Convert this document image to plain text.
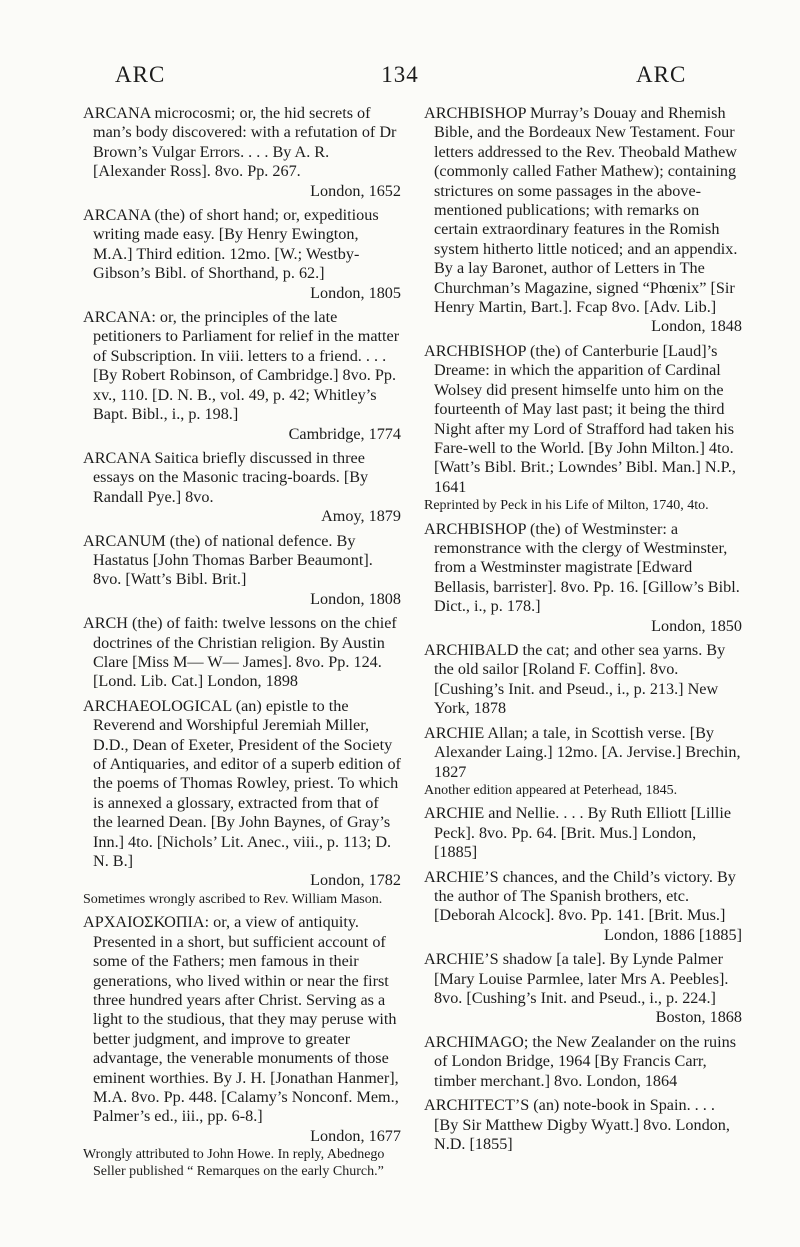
ARC	134	ARC
ARCANA microcosmi; or, the hid secrets of man’s body discovered: with a refutation of Dr Brown’s Vulgar Errors. . . . By A. R. [Alexander Ross]. 8vo. Pp. 267.
London, 1652
ARCANA (the) of short hand; or, expeditious writing made easy. [By Henry Ewington, M.A.] Third edition. 12mo. [W.; Westby-Gibson’s Bibl. of Shorthand, p. 62.]
London, 1805
ARCANA: or, the principles of the late petitioners to Parliament for relief in the matter of Subscription. In viii. letters to a friend. . . . [By Robert Robinson, of Cambridge.] 8vo. Pp. xv., 110. [D. N. B., vol. 49, p. 42; Whitley’s Bapt. Bibl., i., p. 198.]
Cambridge, 1774
ARCANA Saitica briefly discussed in three essays on the Masonic tracing-boards. [By Randall Pye.] 8vo.
Amoy, 1879
ARCANUM (the) of national defence. By Hastatus [John Thomas Barber Beaumont]. 8vo. [Watt’s Bibl. Brit.]
London, 1808
ARCH (the) of faith: twelve lessons on the chief doctrines of the Christian religion. By Austin Clare [Miss M— W— James]. 8vo. Pp. 124. [Lond. Lib. Cat.] London, 1898
ARCHAEOLOGICAL (an) epistle to the Reverend and Worshipful Jeremiah Miller, D.D., Dean of Exeter, President of the Society of Antiquaries, and editor of a superb edition of the poems of Thomas Rowley, priest. To which is annexed a glossary, extracted from that of the learned Dean. [By John Baynes, of Gray’s Inn.] 4to. [Nichols’ Lit. Anec., viii., p. 113; D. N. B.]
London, 1782
Sometimes wrongly ascribed to Rev. William Mason.
ΑΡΧΑΙΟΣΚΟΠΙΑ: or, a view of antiquity. Presented in a short, but sufficient account of some of the Fathers; men famous in their generations, who lived within or near the first three hundred years after Christ. Serving as a light to the studious, that they may peruse with better judgment, and improve to greater advantage, the venerable monuments of those eminent worthies. By J. H. [Jonathan Hanmer], M.A. 8vo. Pp. 448. [Calamy’s Nonconf. Mem., Palmer’s ed., iii., pp. 6-8.]
London, 1677
Wrongly attributed to John Howe. In reply, Abednego Seller published “ Remarques on the early Church.”
ARCHBISHOP Murray’s Douay and Rhemish Bible, and the Bordeaux New Testament. Four letters addressed to the Rev. Theobald Mathew (commonly called Father Mathew); containing strictures on some passages in the above-mentioned publications; with remarks on certain extraordinary features in the Romish system hitherto little noticed; and an appendix. By a lay Baronet, author of Letters in The Churchman’s Magazine, signed “Phœnix” [Sir Henry Martin, Bart.]. Fcap 8vo. [Adv. Lib.]
London, 1848
ARCHBISHOP (the) of Canterburie [Laud]’s Dreame: in which the apparition of Cardinal Wolsey did present himselfe unto him on the fourteenth of May last past; it being the third Night after my Lord of Strafford had taken his Fare-well to the World. [By John Milton.] 4to. [Watt’s Bibl. Brit.; Lowndes’ Bibl. Man.] N.P., 1641
Reprinted by Peck in his Life of Milton, 1740, 4to.
ARCHBISHOP (the) of Westminster: a remonstrance with the clergy of Westminster, from a Westminster magistrate [Edward Bellasis, barrister]. 8vo. Pp. 16. [Gillow’s Bibl. Dict., i., p. 178.]
London, 1850
ARCHIBALD the cat; and other sea yarns. By the old sailor [Roland F. Coffin]. 8vo. [Cushing’s Init. and Pseud., i., p. 213.] New York, 1878
ARCHIE Allan; a tale, in Scottish verse. [By Alexander Laing.] 12mo. [A. Jervise.] Brechin, 1827
Another edition appeared at Peterhead, 1845.
ARCHIE and Nellie. . . . By Ruth Elliott [Lillie Peck]. 8vo. Pp. 64. [Brit. Mus.] London, [1885]
ARCHIE’S chances, and the Child’s victory. By the author of The Spanish brothers, etc. [Deborah Alcock]. 8vo. Pp. 141. [Brit. Mus.]
London, 1886 [1885]
ARCHIE’S shadow [a tale]. By Lynde Palmer [Mary Louise Parmlee, later Mrs A. Peebles]. 8vo. [Cushing’s Init. and Pseud., i., p. 224.]
Boston, 1868
ARCHIMAGO; the New Zealander on the ruins of London Bridge, 1964 [By Francis Carr, timber merchant.] 8vo. London, 1864
ARCHITECT’S (an) note-book in Spain. . . . [By Sir Matthew Digby Wyatt.] 8vo. London, N.D. [1855]
